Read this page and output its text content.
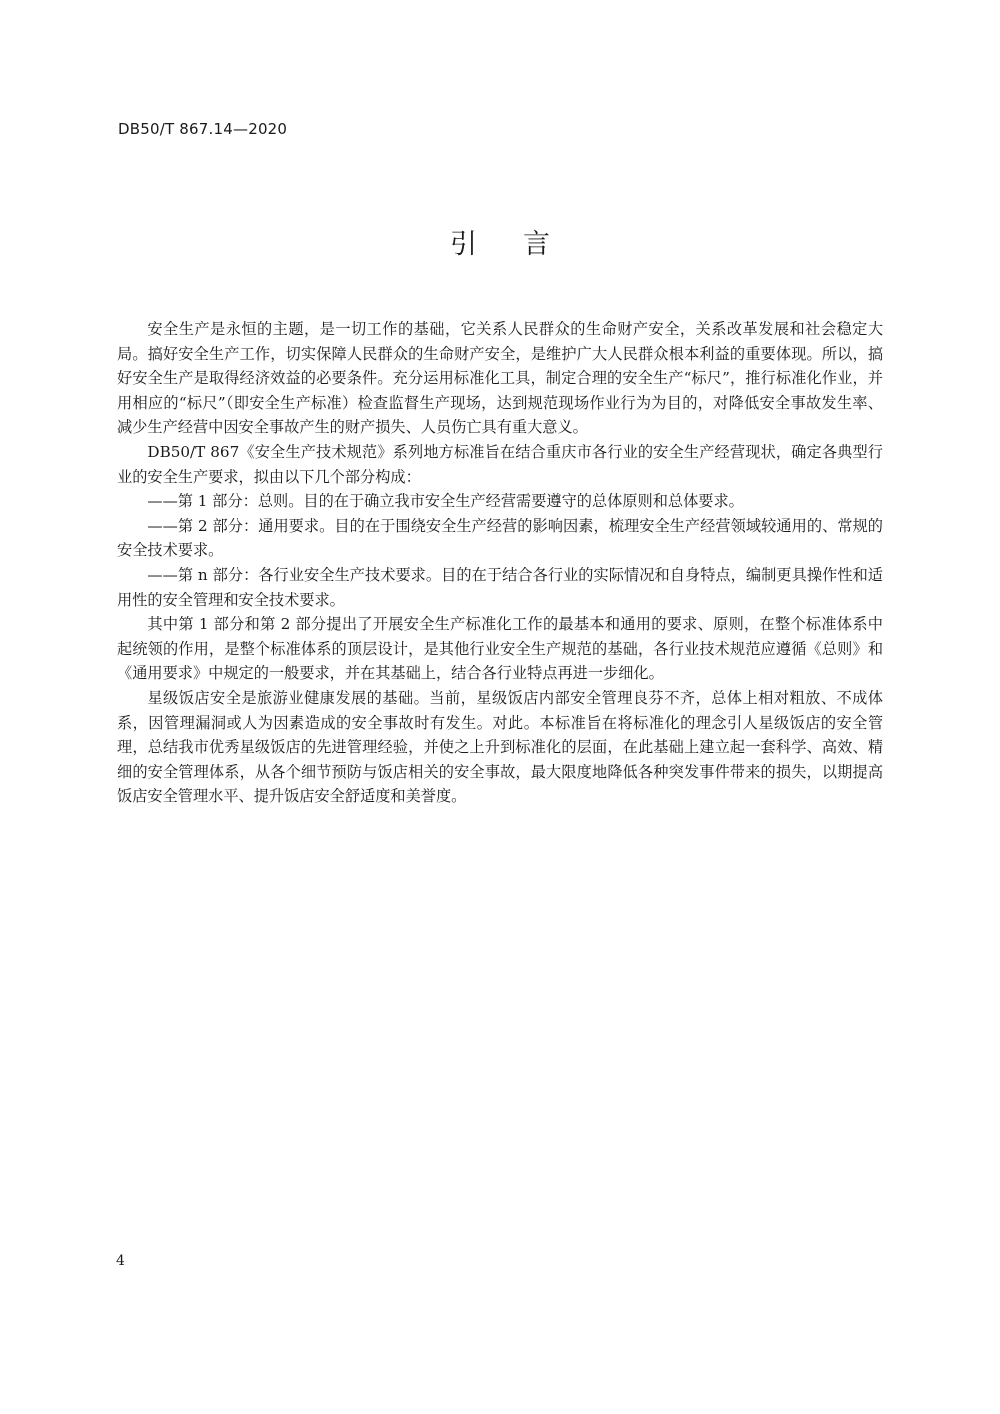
DB50/T 867.14—2020
引言

安全生产是永恒的主题，是一切工作的基础，它关系人民群众的生命财产安全，关系改革发展和社会稳定大局。搞好安全生产工作，切实保障人民群众的生命财产安全，是维护广大人民群众根本利益的重要体现。所以，搞好安全生产是取得经济效益的必要条件。充分运用标准化工具，制定合理的安全生产“标尺”，推行标准化作业，并用相应的“标尺”（即安全生产标准）检查监督生产现场，达到规范现场作业行为为目的，对降低安全事故发生率、减少生产经营中因安全事故产生的财产损失、人员伤亡具有重大意义。

DB50/T 867《安全生产技术规范》系列地方标准旨在结合重庆市各行业的安全生产经营现状，确定各典型行业的安全生产要求，拟由以下几个部分构成：

——第 1 部分：总则。目的在于确立我市安全生产经营需要遵守的总体原则和总体要求。

——第 2 部分：通用要求。目的在于围绕安全生产经营的影响因素，梳理安全生产经营领域较通用的、常规的安全技术要求。

——第 n 部分：各行业安全生产技术要求。目的在于结合各行业的实际情况和自身特点，编制更具操作性和适用性的安全管理和安全技术要求。

其中第 1 部分和第 2 部分提出了开展安全生产标准化工作的最基本和通用的要求、原则，在整个标准体系中起统领的作用，是整个标准体系的顶层设计，是其他行业安全生产规范的基础，各行业技术规范应遵循《总则》和《通用要求》中规定的一般要求，并在其基础上，结合各行业特点再进一步细化。

星级饭店安全是旅游业健康发展的基础。当前，星级饭店内部安全管理良芬不齐，总体上相对粗放、不成体系，因管理漏洞或人为因素造成的安全事故时有发生。对此。本标准旨在将标准化的理念引人星级饭店的安全管理，总结我市优秀星级饭店的先进管理经验，并使之上升到标准化的层面，在此基础上建立起一套科学、高效、精细的安全管理体系，从各个细节预防与饭店相关的安全事故，最大限度地降低各种突发事件带来的损失，以期提高饭店安全管理水平、提升饭店安全舒适度和美誉度。

4
